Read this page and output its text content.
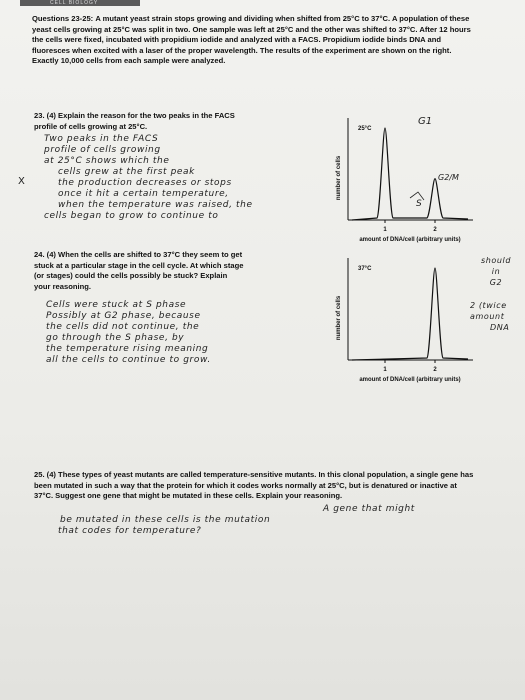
CELL BIOLOGY
Questions 23-25: A mutant yeast strain stops growing and dividing when shifted from 25°C to 37°C. A population of these yeast cells growing at 25°C was split in two. One sample was left at 25°C and the other was shifted to 37°C. After 12 hours the cells were fixed, incubated with propidium iodide and analyzed with a FACS. Propidium iodide binds DNA and fluoresces when excited with a laser of the proper wavelength. The results of the experiment are shown on the right. Exactly 10,000 cells from each sample were analyzed.
23. (4) Explain the reason for the two peaks in the FACS profile of cells growing at 25°C.
Two peaks in the FACS
profile of cells growing
at 25°C shows which the
cells grew at the first peak
the production decreases or stops
once it hit a certain temperature,
when the temperature was raised, the
cells began to grow to continue to
X
24. (4) When the cells are shifted to 37°C they seem to get stuck at a particular stage in the cell cycle. At which stage (or stages) could the cells possibly be stuck? Explain your reasoning.
Cells were stuck at S phase
Possibly at G2 phase, because
the cells did not continue, the
go through the S phase, by
the temperature rising meaning
all the cells to continue to grow.
should
in
G2
2 (twice
amount
DNA
25. (4) These types of yeast mutants are called temperature-sensitive mutants. In this clonal population, a single gene has been mutated in such a way that the protein for which it codes works normally at 25°C, but is denatured or inactive at 37°C. Suggest one gene that might be mutated in these cells. Explain your reasoning.
A gene that might
be mutated in these cells is the mutation
that codes for temperature?
number of cells
25°C
1	2
amount of DNA/cell (arbitrary units)
G1
G2/M
S
number of cells
37°C
1	2
amount of DNA/cell (arbitrary units)
